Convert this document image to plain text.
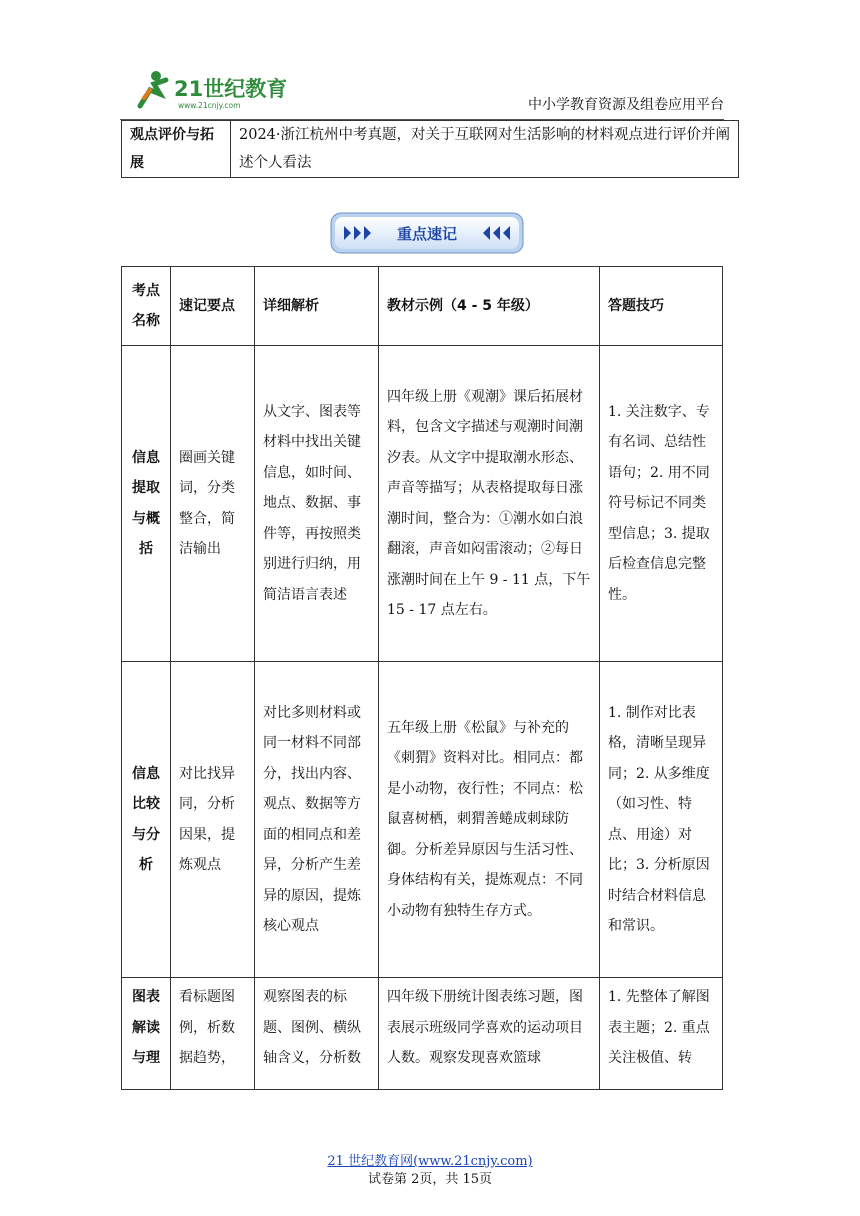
21世纪教育
www.21cnjy.com	中小学教育资源及组卷应用平台
观点评价与拓展	2024·浙江杭州中考真题，对关于互联网对生活影响的材料观点进行评价并阐述个人看法
重点速记
考点名称	速记要点	详细解析	教材示例（4 - 5 年级）	答题技巧
信息提取与概括	圈画关键词，分类整合，简洁输出	从文字、图表等材料中找出关键信息，如时间、地点、数据、事件等，再按照类别进行归纳，用简洁语言表述	四年级上册《观潮》课后拓展材料，包含文字描述与观潮时间潮汐表。从文字中提取潮水形态、声音等描写；从表格提取每日涨潮时间，整合为：①潮水如白浪翻滚，声音如闷雷滚动；②每日涨潮时间在上午 9 - 11 点，下午 15 - 17 点左右。	1. 关注数字、专有名词、总结性语句；2. 用不同符号标记不同类型信息；3. 提取后检查信息完整性。
信息比较与分析	对比找异同，分析因果，提炼观点	对比多则材料或同一材料不同部分，找出内容、观点、数据等方面的相同点和差异，分析产生差异的原因，提炼核心观点	五年级上册《松鼠》与补充的《刺猬》资料对比。相同点：都是小动物，夜行性；不同点：松鼠喜树栖，刺猬善蜷成刺球防御。分析差异原因与生活习性、身体结构有关，提炼观点：不同小动物有独特生存方式。	1. 制作对比表格，清晰呈现异同；2. 从多维度（如习性、特点、用途）对比；3. 分析原因时结合材料信息和常识。
图表解读与理	看标题图例，析数据趋势，	观察图表的标题、图例、横纵轴含义，分析数	四年级下册统计图表练习题，图表展示班级同学喜欢的运动项目人数。观察发现喜欢篮球	1. 先整体了解图表主题；2. 重点关注极值、转
21 世纪教育网(www.21cnjy.com)
试卷第 2页，共 15页
